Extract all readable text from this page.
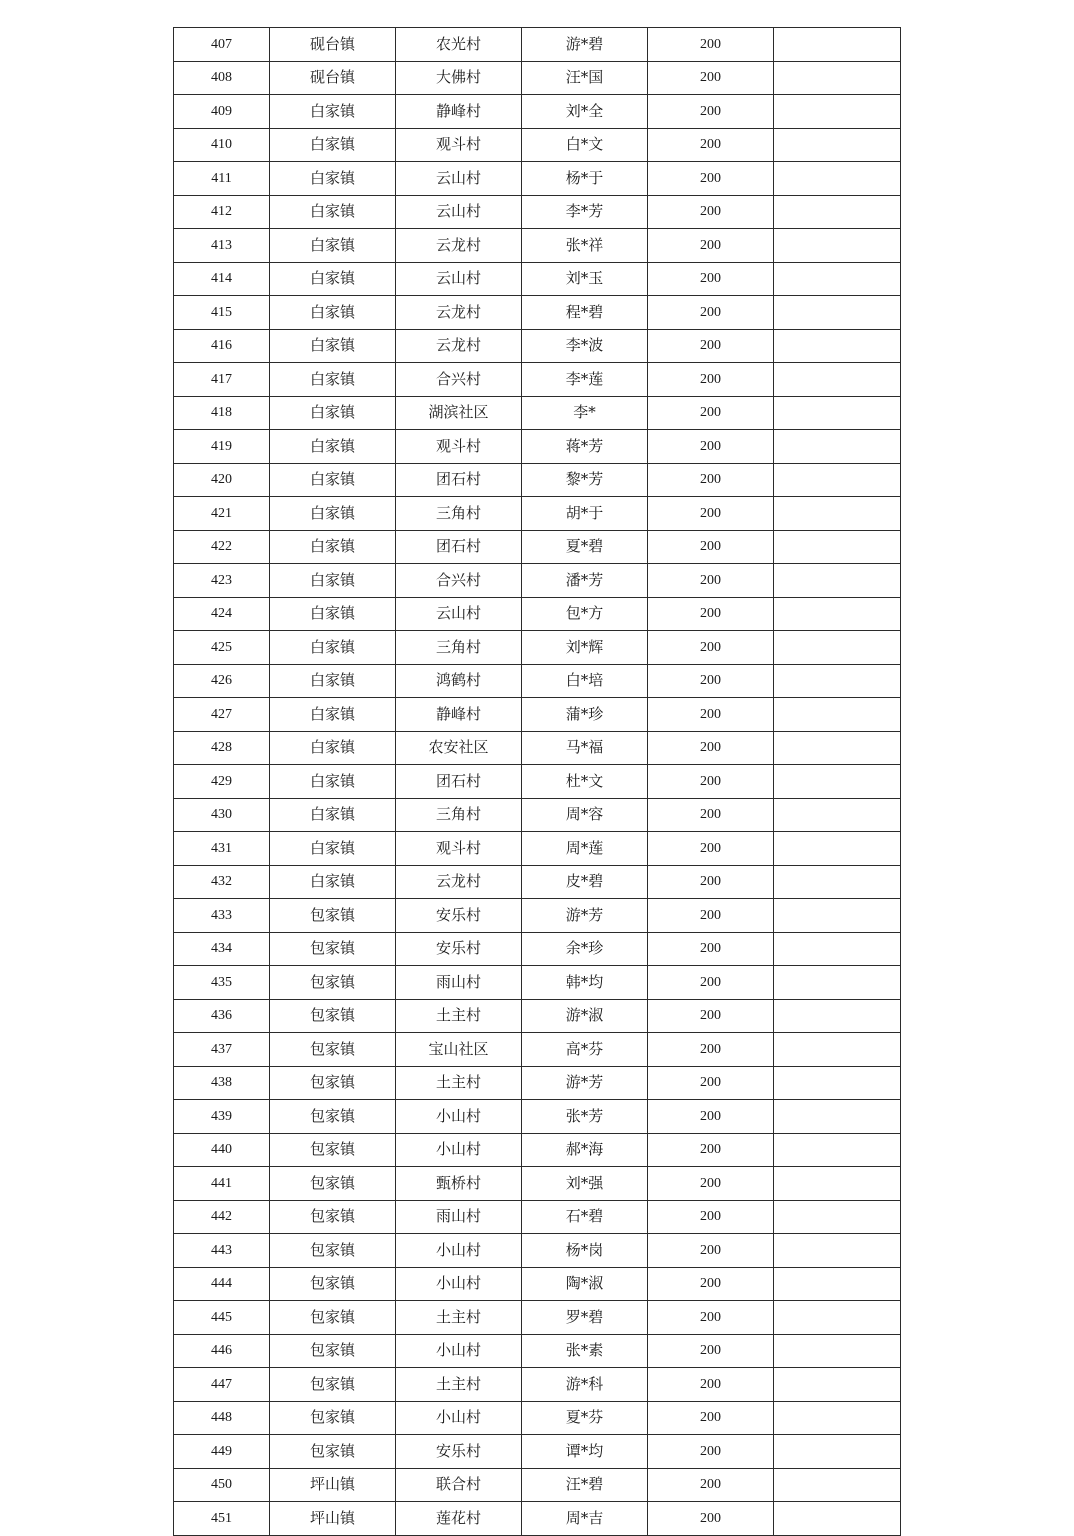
407	砚台镇	农光村	游*碧	200	
408	砚台镇	大佛村	汪*国	200	
409	白家镇	静峰村	刘*全	200	
410	白家镇	观斗村	白*文	200	
411	白家镇	云山村	杨*于	200	
412	白家镇	云山村	李*芳	200	
413	白家镇	云龙村	张*祥	200	
414	白家镇	云山村	刘*玉	200	
415	白家镇	云龙村	程*碧	200	
416	白家镇	云龙村	李*波	200	
417	白家镇	合兴村	李*莲	200	
418	白家镇	湖滨社区	李*	200	
419	白家镇	观斗村	蒋*芳	200	
420	白家镇	团石村	黎*芳	200	
421	白家镇	三角村	胡*于	200	
422	白家镇	团石村	夏*碧	200	
423	白家镇	合兴村	潘*芳	200	
424	白家镇	云山村	包*方	200	
425	白家镇	三角村	刘*辉	200	
426	白家镇	鸿鹤村	白*培	200	
427	白家镇	静峰村	蒲*珍	200	
428	白家镇	农安社区	马*福	200	
429	白家镇	团石村	杜*文	200	
430	白家镇	三角村	周*容	200	
431	白家镇	观斗村	周*莲	200	
432	白家镇	云龙村	皮*碧	200	
433	包家镇	安乐村	游*芳	200	
434	包家镇	安乐村	余*珍	200	
435	包家镇	雨山村	韩*均	200	
436	包家镇	土主村	游*淑	200	
437	包家镇	宝山社区	高*芬	200	
438	包家镇	土主村	游*芳	200	
439	包家镇	小山村	张*芳	200	
440	包家镇	小山村	郝*海	200	
441	包家镇	甄桥村	刘*强	200	
442	包家镇	雨山村	石*碧	200	
443	包家镇	小山村	杨*岗	200	
444	包家镇	小山村	陶*淑	200	
445	包家镇	土主村	罗*碧	200	
446	包家镇	小山村	张*素	200	
447	包家镇	土主村	游*科	200	
448	包家镇	小山村	夏*芬	200	
449	包家镇	安乐村	谭*均	200	
450	坪山镇	联合村	汪*碧	200	
451	坪山镇	莲花村	周*吉	200	
